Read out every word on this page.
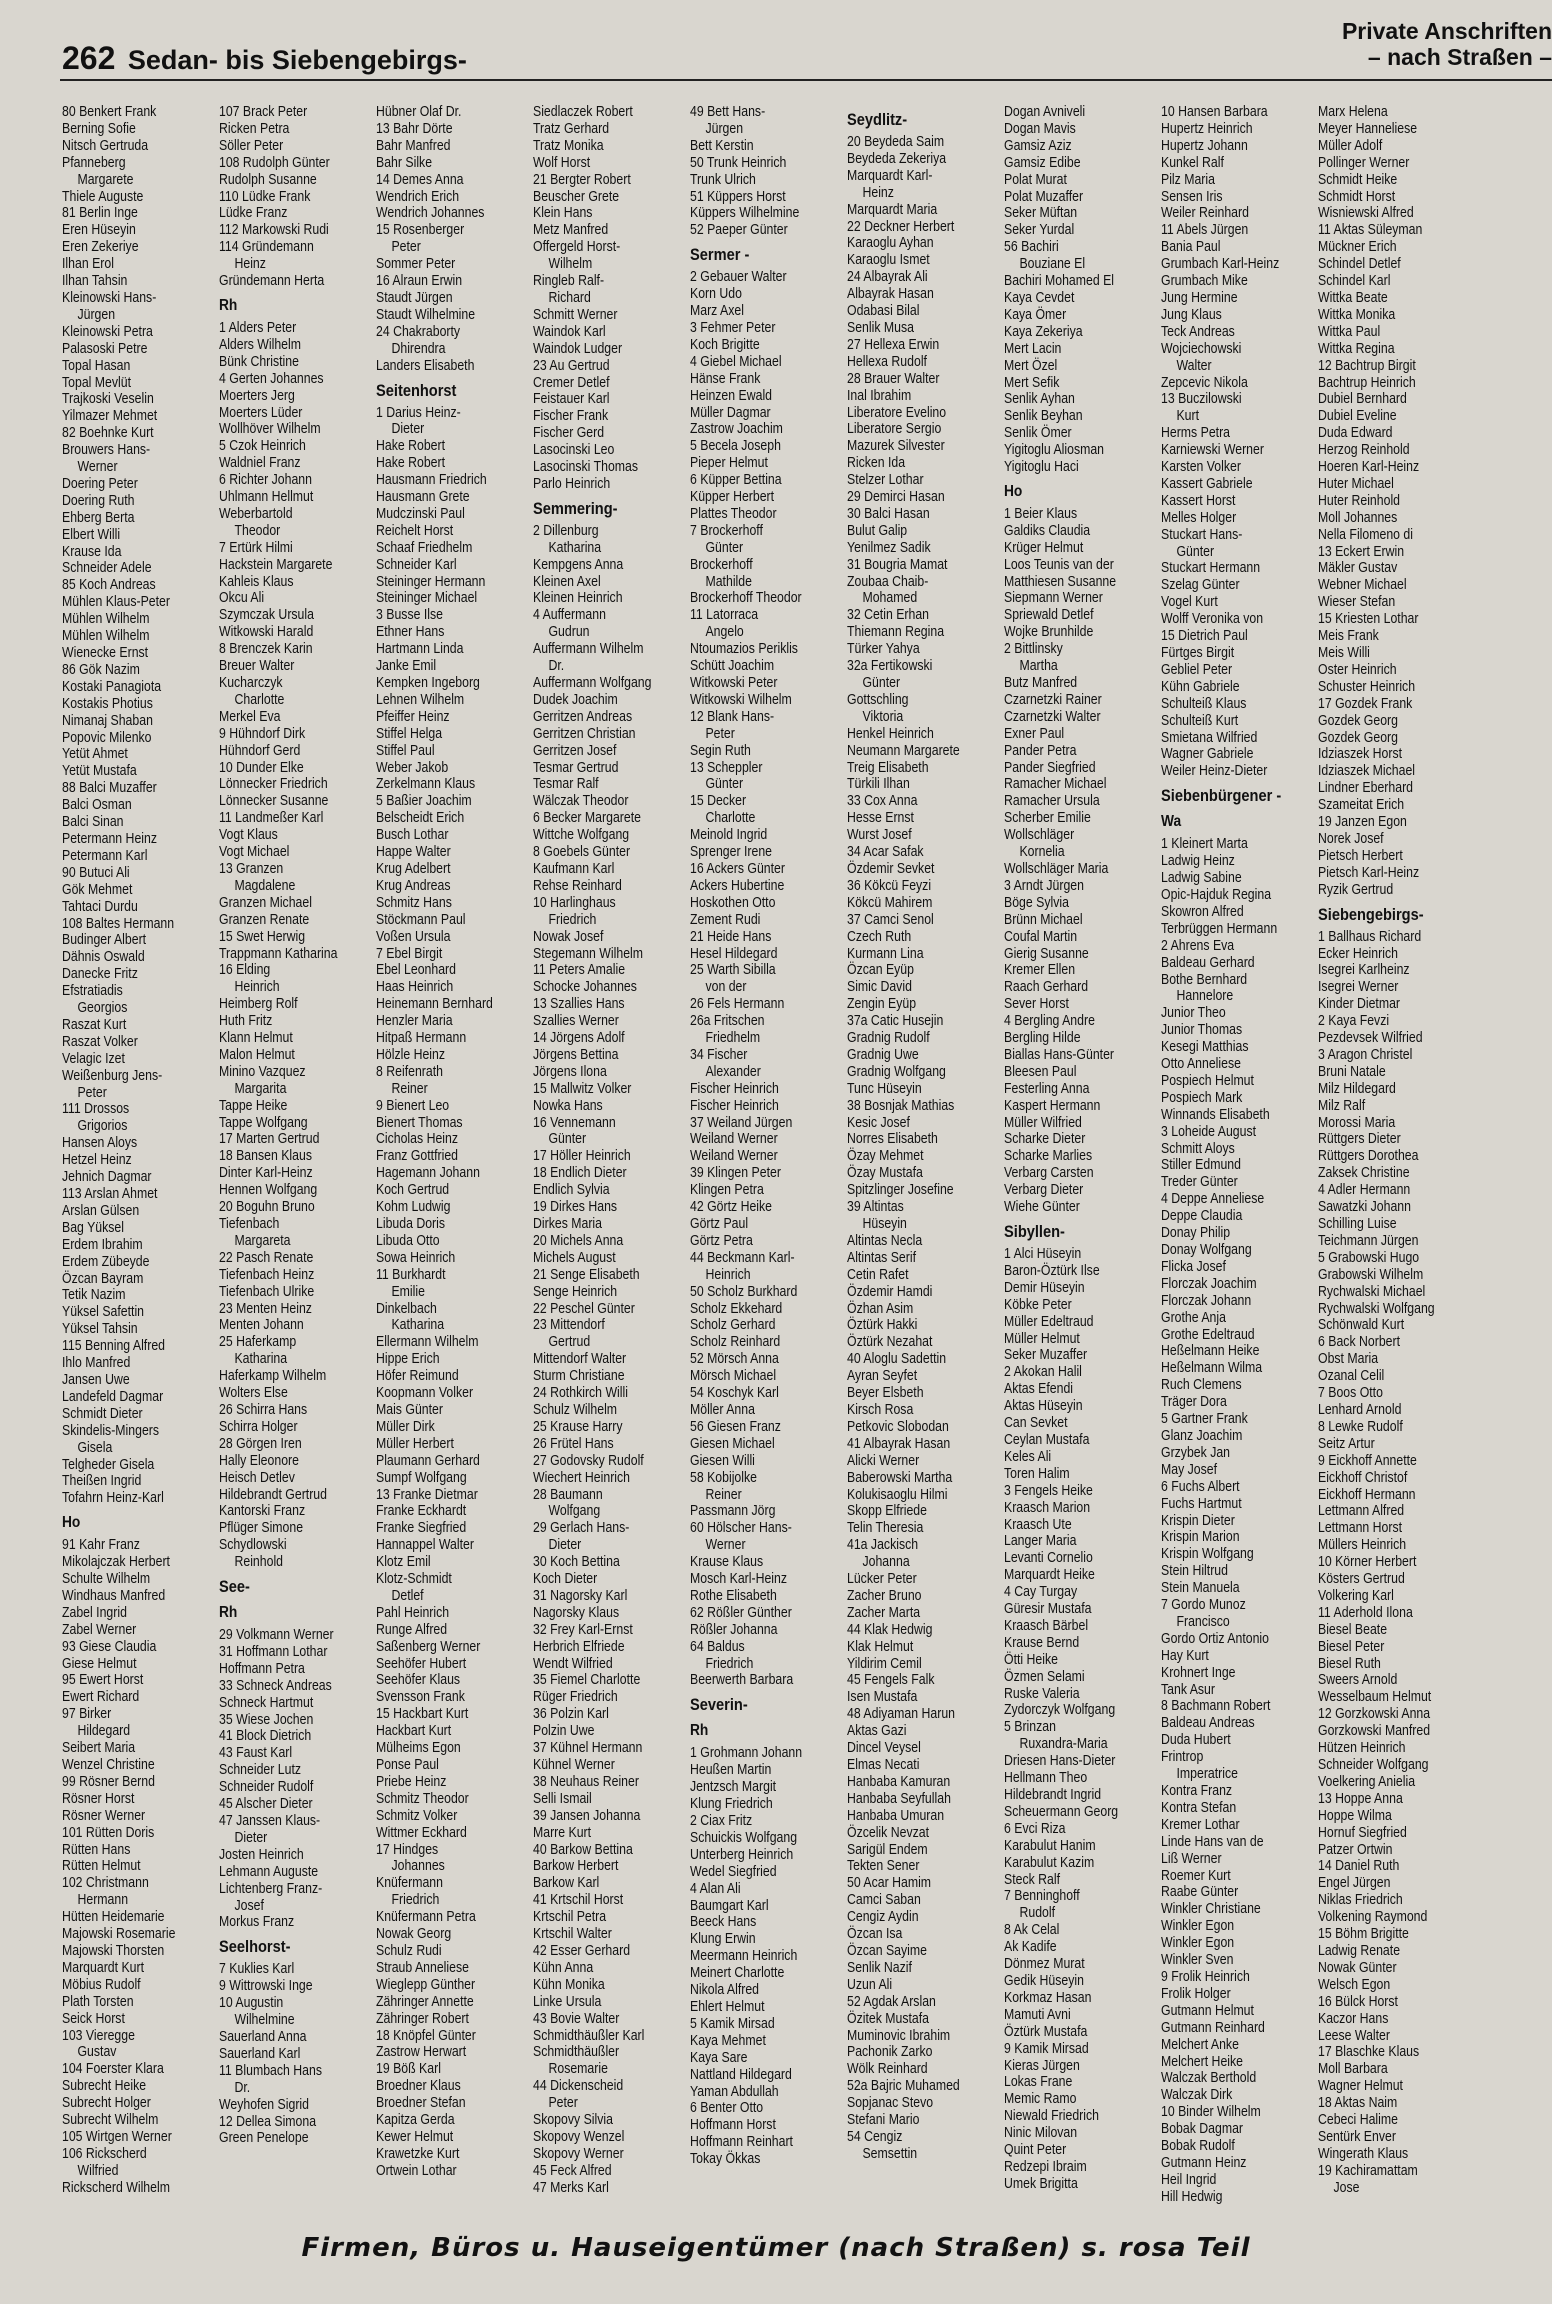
262 Sedan- bis Siebengebirgs-
Private Anschriften
– nach Straßen –
80 Benkert Frank
Berning Sofie
Nitsch Gertruda
Pfanneberg
Margarete
Thiele Auguste
81 Berlin Inge
Eren Hüseyin
Eren Zekeriye
Ilhan Erol
Ilhan Tahsin
Kleinowski Hans-
Jürgen
Kleinowski Petra
Palasoski Petre
Topal Hasan
Topal Mevlüt
Trajkoski Veselin
Yilmazer Mehmet
82 Boehnke Kurt
Brouwers Hans-
Werner
Doering Peter
Doering Ruth
Ehberg Berta
Elbert Willi
Krause Ida
Schneider Adele
85 Koch Andreas
Mühlen Klaus-Peter
Mühlen Wilhelm
Mühlen Wilhelm
Wienecke Ernst
86 Gök Nazim
Kostaki Panagiota
Kostakis Photius
Nimanaj Shaban
Popovic Milenko
Yetüt Ahmet
Yetüt Mustafa
88 Balci Muzaffer
Balci Osman
Balci Sinan
Petermann Heinz
Petermann Karl
90 Butuci Ali
Gök Mehmet
Tahtaci Durdu
108 Baltes Hermann
Budinger Albert
Dähnis Oswald
Danecke Fritz
Efstratiadis
Georgios
Raszat Kurt
Raszat Volker
Velagic Izet
Weißenburg Jens-
Peter
111 Drossos
Grigorios
Hansen Aloys
Hetzel Heinz
Jehnich Dagmar
113 Arslan Ahmet
Arslan Gülsen
Bag Yüksel
Erdem Ibrahim
Erdem Zübeyde
Özcan Bayram
Tetik Nazim
Yüksel Safettin
Yüksel Tahsin
115 Benning Alfred
Ihlo Manfred
Jansen Uwe
Landefeld Dagmar
Schmidt Dieter
Skindelis-Mingers
Gisela
Telgheder Gisela
Theißen Ingrid
Tofahrn Heinz-Karl
Ho
91 Kahr Franz
Mikolajczak Herbert
Schulte Wilhelm
Windhaus Manfred
Zabel Ingrid
Zabel Werner
93 Giese Claudia
Giese Helmut
95 Ewert Horst
Ewert Richard
97 Birker
Hildegard
Seibert Maria
Wenzel Christine
99 Rösner Bernd
Rösner Horst
Rösner Werner
101 Rütten Doris
Rütten Hans
Rütten Helmut
102 Christmann
Hermann
Hütten Heidemarie
Majowski Rosemarie
Majowski Thorsten
Marquardt Kurt
Möbius Rudolf
Plath Torsten
Seick Horst
103 Vieregge
Gustav
104 Foerster Klara
Subrecht Heike
Subrecht Holger
Subrecht Wilhelm
105 Wirtgen Werner
106 Rickscherd
Wilfried
Rickscherd Wilhelm
107 Brack Peter
Ricken Petra
Söller Peter
108 Rudolph Günter
Rudolph Susanne
110 Lüdke Frank
Lüdke Franz
112 Markowski Rudi
114 Gründemann
Heinz
Gründemann Herta
Rh
1 Alders Peter
Alders Wilhelm
Bünk Christine
4 Gerten Johannes
Moerters Jerg
Moerters Lüder
Wollhöver Wilhelm
5 Czok Heinrich
Waldniel Franz
6 Richter Johann
Uhlmann Hellmut
Weberbartold
Theodor
7 Ertürk Hilmi
Hackstein Margarete
Kahleis Klaus
Okcu Ali
Szymczak Ursula
Witkowski Harald
8 Brenczek Karin
Breuer Walter
Kucharczyk
Charlotte
Merkel Eva
9 Hühndorf Dirk
Hühndorf Gerd
10 Dunder Elke
Lönnecker Friedrich
Lönnecker Susanne
11 Landmeßer Karl
Vogt Klaus
Vogt Michael
13 Granzen
Magdalene
Granzen Michael
Granzen Renate
15 Swet Herwig
Trappmann Katharina
16 Elding
Heinrich
Heimberg Rolf
Huth Fritz
Klann Helmut
Malon Helmut
Minino Vazquez
Margarita
Tappe Heike
Tappe Wolfgang
17 Marten Gertrud
18 Bansen Klaus
Dinter Karl-Heinz
Hennen Wolfgang
20 Boguhn Bruno
Tiefenbach
Margareta
22 Pasch Renate
Tiefenbach Heinz
Tiefenbach Ulrike
23 Menten Heinz
Menten Johann
25 Haferkamp
Katharina
Haferkamp Wilhelm
Wolters Else
26 Schirra Hans
Schirra Holger
28 Görgen Iren
Hally Eleonore
Heisch Detlev
Hildebrandt Gertrud
Kantorski Franz
Pflüger Simone
Schydlowski
Reinhold
See-
Rh
29 Volkmann Werner
31 Hoffmann Lothar
Hoffmann Petra
33 Schneck Andreas
Schneck Hartmut
35 Wiese Jochen
41 Block Dietrich
43 Faust Karl
Schneider Lutz
Schneider Rudolf
45 Alscher Dieter
47 Janssen Klaus-
Dieter
Josten Heinrich
Lehmann Auguste
Lichtenberg Franz-
Josef
Morkus Franz
Seelhorst-
7 Kuklies Karl
9 Wittrowski Inge
10 Augustin
Wilhelmine
Sauerland Anna
Sauerland Karl
11 Blumbach Hans
Dr.
Weyhofen Sigrid
12 Dellea Simona
Green Penelope
Hübner Olaf Dr.
13 Bahr Dörte
Bahr Manfred
Bahr Silke
14 Demes Anna
Wendrich Erich
Wendrich Johannes
15 Rosenberger
Peter
Sommer Peter
16 Alraun Erwin
Staudt Jürgen
Staudt Wilhelmine
24 Chakraborty
Dhirendra
Landers Elisabeth
Seitenhorst
1 Darius Heinz-
Dieter
Hake Robert
Hake Robert
Hausmann Friedrich
Hausmann Grete
Mudczinski Paul
Reichelt Horst
Schaaf Friedhelm
Schneider Karl
Steininger Hermann
Steininger Michael
3 Busse Ilse
Ethner Hans
Hartmann Linda
Janke Emil
Kempken Ingeborg
Lehnen Wilhelm
Pfeiffer Heinz
Stiffel Helga
Stiffel Paul
Weber Jakob
Zerkelmann Klaus
5 Baßier Joachim
Belscheidt Erich
Busch Lothar
Happe Walter
Krug Adelbert
Krug Andreas
Schmitz Hans
Stöckmann Paul
Voßen Ursula
7 Ebel Birgit
Ebel Leonhard
Haas Heinrich
Heinemann Bernhard
Henzler Maria
Hitpaß Hermann
Hölzle Heinz
8 Reifenrath
Reiner
9 Bienert Leo
Bienert Thomas
Cicholas Heinz
Franz Gottfried
Hagemann Johann
Koch Gertrud
Kohm Ludwig
Libuda Doris
Libuda Otto
Sowa Heinrich
11 Burkhardt
Emilie
Dinkelbach
Katharina
Ellermann Wilhelm
Hippe Erich
Höfer Reimund
Koopmann Volker
Mais Günter
Müller Dirk
Müller Herbert
Plaumann Gerhard
Sumpf Wolfgang
13 Franke Dietmar
Franke Eckhardt
Franke Siegfried
Hannappel Walter
Klotz Emil
Klotz-Schmidt
Detlef
Pahl Heinrich
Runge Alfred
Saßenberg Werner
Seehöfer Hubert
Seehöfer Klaus
Svensson Frank
15 Hackbart Kurt
Hackbart Kurt
Mülheims Egon
Ponse Paul
Priebe Heinz
Schmitz Theodor
Schmitz Volker
Wittmer Eckhard
17 Hindges
Johannes
Knüfermann
Friedrich
Knüfermann Petra
Nowak Georg
Schulz Rudi
Straub Anneliese
Wieglepp Günther
Zähringer Annette
Zähringer Robert
18 Knöpfel Günter
Zastrow Herwart
19 Böß Karl
Broedner Klaus
Broedner Stefan
Kapitza Gerda
Kewer Helmut
Krawetzke Kurt
Ortwein Lothar
Siedlaczek Robert
Tratz Gerhard
Tratz Monika
Wolf Horst
21 Bergter Robert
Beuscher Grete
Klein Hans
Metz Manfred
Offergeld Horst-
Wilhelm
Ringleb Ralf-
Richard
Schmitt Werner
Waindok Karl
Waindok Ludger
23 Au Gertrud
Cremer Detlef
Feistauer Karl
Fischer Frank
Fischer Gerd
Lasocinski Leo
Lasocinski Thomas
Parlo Heinrich
Semmering-
2 Dillenburg
Katharina
Kempgens Anna
Kleinen Axel
Kleinen Heinrich
4 Auffermann
Gudrun
Auffermann Wilhelm
Dr.
Auffermann Wolfgang
Dudek Joachim
Gerritzen Andreas
Gerritzen Christian
Gerritzen Josef
Tesmar Gertrud
Tesmar Ralf
Wälczak Theodor
6 Becker Margarete
Wittche Wolfgang
8 Goebels Günter
Kaufmann Karl
Rehse Reinhard
10 Harlinghaus
Friedrich
Nowak Josef
Stegemann Wilhelm
11 Peters Amalie
Schocke Johannes
13 Szallies Hans
Szallies Werner
14 Jörgens Adolf
Jörgens Bettina
Jörgens Ilona
15 Mallwitz Volker
Nowka Hans
16 Vennemann
Günter
17 Höller Heinrich
18 Endlich Dieter
Endlich Sylvia
19 Dirkes Hans
Dirkes Maria
20 Michels Anna
Michels August
21 Senge Elisabeth
Senge Heinrich
22 Peschel Günter
23 Mittendorf
Gertrud
Mittendorf Walter
Sturm Christiane
24 Rothkirch Willi
Schulz Wilhelm
25 Krause Harry
26 Frütel Hans
27 Godovsky Rudolf
Wiechert Heinrich
28 Baumann
Wolfgang
29 Gerlach Hans-
Dieter
30 Koch Bettina
Koch Dieter
31 Nagorsky Karl
Nagorsky Klaus
32 Frey Karl-Ernst
Herbrich Elfriede
Wendt Wilfried
35 Fiemel Charlotte
Rüger Friedrich
36 Polzin Karl
Polzin Uwe
37 Kühnel Hermann
Kühnel Werner
38 Neuhaus Reiner
Selli Ismail
39 Jansen Johanna
Marre Kurt
40 Barkow Bettina
Barkow Herbert
Barkow Karl
41 Krtschil Horst
Krtschil Petra
Krtschil Walter
42 Esser Gerhard
Kühn Anna
Kühn Monika
Linke Ursula
43 Bovie Walter
Schmidthäußler Karl
Schmidthäußler
Rosemarie
44 Dickenscheid
Peter
Skopovy Silvia
Skopovy Wenzel
Skopovy Werner
45 Feck Alfred
47 Merks Karl
49 Bett Hans-
Jürgen
Bett Kerstin
50 Trunk Heinrich
Trunk Ulrich
51 Küppers Horst
Küppers Wilhelmine
52 Paeper Günter
Sermer -
2 Gebauer Walter
Korn Udo
Marz Axel
3 Fehmer Peter
Koch Brigitte
4 Giebel Michael
Hänse Frank
Heinzen Ewald
Müller Dagmar
Zastrow Joachim
5 Becela Joseph
Pieper Helmut
6 Küpper Bettina
Küpper Herbert
Plattes Theodor
7 Brockerhoff
Günter
Brockerhoff
Mathilde
Brockerhoff Theodor
11 Latorraca
Angelo
Ntoumazios Periklis
Schütt Joachim
Witkowski Peter
Witkowski Wilhelm
12 Blank Hans-
Peter
Segin Ruth
13 Scheppler
Günter
15 Decker
Charlotte
Meinold Ingrid
Sprenger Irene
16 Ackers Günter
Ackers Hubertine
Hoskothen Otto
Zement Rudi
21 Heide Hans
Hesel Hildegard
25 Warth Sibilla
von der
26 Fels Hermann
26a Fritschen
Friedhelm
34 Fischer
Alexander
Fischer Heinrich
Fischer Heinrich
37 Weiland Jürgen
Weiland Werner
Weiland Werner
39 Klingen Peter
Klingen Petra
42 Görtz Heike
Görtz Paul
Görtz Petra
44 Beckmann Karl-
Heinrich
50 Scholz Burkhard
Scholz Ekkehard
Scholz Gerhard
Scholz Reinhard
52 Mörsch Anna
Mörsch Michael
54 Koschyk Karl
Möller Anna
56 Giesen Franz
Giesen Michael
Giesen Willi
58 Kobijolke
Reiner
Passmann Jörg
60 Hölscher Hans-
Werner
Krause Klaus
Mosch Karl-Heinz
Rothe Elisabeth
62 Rößler Günther
Rößler Johanna
64 Baldus
Friedrich
Beerwerth Barbara
Severin-
Rh
1 Grohmann Johann
Heußen Martin
Jentzsch Margit
Klung Friedrich
2 Ciax Fritz
Schuickis Wolfgang
Unterberg Heinrich
Wedel Siegfried
4 Alan Ali
Baumgart Karl
Beeck Hans
Klung Erwin
Meermann Heinrich
Meinert Charlotte
Nikola Alfred
Ehlert Helmut
5 Kamik Mirsad
Kaya Mehmet
Kaya Sare
Nattland Hildegard
Yaman Abdullah
6 Benter Otto
Hoffmann Horst
Hoffmann Reinhart
Tokay Ökkas
Seydlitz-
20 Beydeda Saim
Beydeda Zekeriya
Marquardt Karl-
Heinz
Marquardt Maria
22 Deckner Herbert
Karaoglu Ayhan
Karaoglu Ismet
24 Albayrak Ali
Albayrak Hasan
Odabasi Bilal
Senlik Musa
27 Hellexa Erwin
Hellexa Rudolf
28 Brauer Walter
Inal Ibrahim
Liberatore Evelino
Liberatore Sergio
Mazurek Silvester
Ricken Ida
Stelzer Lothar
29 Demirci Hasan
30 Balci Hasan
Bulut Galip
Yenilmez Sadik
31 Bougria Mamat
Zoubaa Chaib-
Mohamed
32 Cetin Erhan
Thiemann Regina
Türker Yahya
32a Fertikowski
Günter
Gottschling
Viktoria
Henkel Heinrich
Neumann Margarete
Treig Elisabeth
Türkili Ilhan
33 Cox Anna
Hesse Ernst
Wurst Josef
34 Acar Safak
Özdemir Sevket
36 Kökcü Feyzi
Kökcü Mahirem
37 Camci Senol
Czech Ruth
Kurmann Lina
Özcan Eyüp
Simic David
Zengin Eyüp
37a Catic Husejin
Gradnig Rudolf
Gradnig Uwe
Gradnig Wolfgang
Tunc Hüseyin
38 Bosnjak Mathias
Kesic Josef
Norres Elisabeth
Özay Mehmet
Özay Mustafa
Spitzlinger Josefine
39 Altintas
Hüseyin
Altintas Necla
Altintas Serif
Cetin Rafet
Özdemir Hamdi
Özhan Asim
Öztürk Hakki
Öztürk Nezahat
40 Aloglu Sadettin
Ayran Seyfet
Beyer Elsbeth
Kirsch Rosa
Petkovic Slobodan
41 Albayrak Hasan
Alicki Werner
Baberowski Martha
Kolukisaoglu Hilmi
Skopp Elfriede
Telin Theresia
41a Jackisch
Johanna
Lücker Peter
Zacher Bruno
Zacher Marta
44 Klak Hedwig
Klak Helmut
Yildirim Cemil
45 Fengels Falk
Isen Mustafa
48 Adiyaman Harun
Aktas Gazi
Dincel Veysel
Elmas Necati
Hanbaba Kamuran
Hanbaba Seyfullah
Hanbaba Umuran
Özcelik Nevzat
Sarigül Endem
Tekten Sener
50 Acar Hamim
Camci Saban
Cengiz Aydin
Özcan Isa
Özcan Sayime
Senlik Nazif
Uzun Ali
52 Agdak Arslan
Özitek Mustafa
Muminovic Ibrahim
Pachonik Zarko
Wölk Reinhard
52a Bajric Muhamed
Sopjanac Stevo
Stefani Mario
54 Cengiz
Semsettin
Dogan Avniveli
Dogan Mavis
Gamsiz Aziz
Gamsiz Edibe
Polat Murat
Polat Muzaffer
Seker Müftan
Seker Yurdal
56 Bachiri
Bouziane El
Bachiri Mohamed El
Kaya Cevdet
Kaya Ömer
Kaya Zekeriya
Mert Lacin
Mert Özel
Mert Sefik
Senlik Ayhan
Senlik Beyhan
Senlik Ömer
Yigitoglu Aliosman
Yigitoglu Haci
Ho
1 Beier Klaus
Galdiks Claudia
Krüger Helmut
Loos Teunis van der
Matthiesen Susanne
Siepmann Werner
Spriewald Detlef
Wojke Brunhilde
2 Bittlinsky
Martha
Butz Manfred
Czarnetzki Rainer
Czarnetzki Walter
Exner Paul
Pander Petra
Pander Siegfried
Ramacher Michael
Ramacher Ursula
Scherber Emilie
Wollschläger
Kornelia
Wollschläger Maria
3 Arndt Jürgen
Böge Sylvia
Brünn Michael
Coufal Martin
Gierig Susanne
Kremer Ellen
Raach Gerhard
Sever Horst
4 Bergling Andre
Bergling Hilde
Biallas Hans-Günter
Bleesen Paul
Festerling Anna
Kaspert Hermann
Müller Wilfried
Scharke Dieter
Scharke Marlies
Verbarg Carsten
Verbarg Dieter
Wiehe Günter
Sibyllen-
1 Alci Hüseyin
Baron-Öztürk Ilse
Demir Hüseyin
Köbke Peter
Müller Edeltraud
Müller Helmut
Seker Muzaffer
2 Akokan Halil
Aktas Efendi
Aktas Hüseyin
Can Sevket
Ceylan Mustafa
Keles Ali
Toren Halim
3 Fengels Heike
Kraasch Marion
Kraasch Ute
Langer Maria
Levanti Cornelio
Marquardt Heike
4 Cay Turgay
Güresir Mustafa
Kraasch Bärbel
Krause Bernd
Ötti Heike
Özmen Selami
Ruske Valeria
Zydorczyk Wolfgang
5 Brinzan
Ruxandra-Maria
Driesen Hans-Dieter
Hellmann Theo
Hildebrandt Ingrid
Scheuermann Georg
6 Evci Riza
Karabulut Hanim
Karabulut Kazim
Steck Ralf
7 Benninghoff
Rudolf
8 Ak Celal
Ak Kadife
Dönmez Murat
Gedik Hüseyin
Korkmaz Hasan
Mamuti Avni
Öztürk Mustafa
9 Kamik Mirsad
Kieras Jürgen
Lokas Frane
Memic Ramo
Niewald Friedrich
Ninic Milovan
Quint Peter
Redzepi Ibraim
Umek Brigitta
10 Hansen Barbara
Hupertz Heinrich
Hupertz Johann
Kunkel Ralf
Pilz Maria
Sensen Iris
Weiler Reinhard
11 Abels Jürgen
Bania Paul
Grumbach Karl-Heinz
Grumbach Mike
Jung Hermine
Jung Klaus
Teck Andreas
Wojciechowski
Walter
Zepcevic Nikola
13 Buczilowski
Kurt
Herms Petra
Karniewski Werner
Karsten Volker
Kassert Gabriele
Kassert Horst
Melles Holger
Stuckart Hans-
Günter
Stuckart Hermann
Szelag Günter
Vogel Kurt
Wolff Veronika von
15 Dietrich Paul
Fürtges Birgit
Gebliel Peter
Kühn Gabriele
Schulteiß Klaus
Schulteiß Kurt
Smietana Wilfried
Wagner Gabriele
Weiler Heinz-Dieter
Siebenbürgener -
Wa
1 Kleinert Marta
Ladwig Heinz
Ladwig Sabine
Opic-Hajduk Regina
Skowron Alfred
Terbrüggen Hermann
2 Ahrens Eva
Baldeau Gerhard
Bothe Bernhard
Hannelore
Junior Theo
Junior Thomas
Kesegi Matthias
Otto Anneliese
Pospiech Helmut
Pospiech Mark
Winnands Elisabeth
3 Loheide August
Schmitt Aloys
Stiller Edmund
Treder Günter
4 Deppe Anneliese
Deppe Claudia
Donay Philip
Donay Wolfgang
Flicka Josef
Florczak Joachim
Florczak Johann
Grothe Anja
Grothe Edeltraud
Heßelmann Heike
Heßelmann Wilma
Ruch Clemens
Träger Dora
5 Gartner Frank
Glanz Joachim
Grzybek Jan
May Josef
6 Fuchs Albert
Fuchs Hartmut
Krispin Dieter
Krispin Marion
Krispin Wolfgang
Stein Hiltrud
Stein Manuela
7 Gordo Munoz
Francisco
Gordo Ortiz Antonio
Hay Kurt
Krohnert Inge
Tank Asur
8 Bachmann Robert
Baldeau Andreas
Duda Hubert
Frintrop
Imperatrice
Kontra Franz
Kontra Stefan
Kremer Lothar
Linde Hans van de
Liß Werner
Roemer Kurt
Raabe Günter
Winkler Christiane
Winkler Egon
Winkler Egon
Winkler Sven
9 Frolik Heinrich
Frolik Holger
Gutmann Helmut
Gutmann Reinhard
Melchert Anke
Melchert Heike
Walczak Berthold
Walczak Dirk
10 Binder Wilhelm
Bobak Dagmar
Bobak Rudolf
Gutmann Heinz
Heil Ingrid
Hill Hedwig
Marx Helena
Meyer Hanneliese
Müller Adolf
Pollinger Werner
Schmidt Heike
Schmidt Horst
Wisniewski Alfred
11 Aktas Süleyman
Mückner Erich
Schindel Detlef
Schindel Karl
Wittka Beate
Wittka Monika
Wittka Paul
Wittka Regina
12 Bachtrup Birgit
Bachtrup Heinrich
Dubiel Bernhard
Dubiel Eveline
Duda Edward
Herzog Reinhold
Hoeren Karl-Heinz
Huter Michael
Huter Reinhold
Moll Johannes
Nella Filomeno di
13 Eckert Erwin
Mäkler Gustav
Webner Michael
Wieser Stefan
15 Kriesten Lothar
Meis Frank
Meis Willi
Oster Heinrich
Schuster Heinrich
17 Gozdek Frank
Gozdek Georg
Gozdek Georg
Idziaszek Horst
Idziaszek Michael
Lindner Eberhard
Szameitat Erich
19 Janzen Egon
Norek Josef
Pietsch Herbert
Pietsch Karl-Heinz
Ryzik Gertrud
Siebengebirgs-
1 Ballhaus Richard
Ecker Heinrich
Isegrei Karlheinz
Isegrei Werner
Kinder Dietmar
2 Kaya Fevzi
Pezdevsek Wilfried
3 Aragon Christel
Bruni Natale
Milz Hildegard
Milz Ralf
Morossi Maria
Rüttgers Dieter
Rüttgers Dorothea
Zaksek Christine
4 Adler Hermann
Sawatzki Johann
Schilling Luise
Teichmann Jürgen
5 Grabowski Hugo
Grabowski Wilhelm
Rychwalski Michael
Rychwalski Wolfgang
Schönwald Kurt
6 Back Norbert
Obst Maria
Ozanal Celil
7 Boos Otto
Lenhard Arnold
8 Lewke Rudolf
Seitz Artur
9 Eickhoff Annette
Eickhoff Christof
Eickhoff Hermann
Lettmann Alfred
Lettmann Horst
Müllers Heinrich
10 Körner Herbert
Kösters Gertrud
Volkering Karl
11 Aderhold Ilona
Biesel Beate
Biesel Peter
Biesel Ruth
Sweers Arnold
Wesselbaum Helmut
12 Gorzkowski Anna
Gorzkowski Manfred
Hützen Heinrich
Schneider Wolfgang
Voelkering Anielia
13 Hoppe Anna
Hoppe Wilma
Hornuf Siegfried
Patzer Ortwin
14 Daniel Ruth
Engel Jürgen
Niklas Friedrich
Volkening Raymond
15 Böhm Brigitte
Ladwig Renate
Nowak Günter
Welsch Egon
16 Bülck Horst
Kaczor Hans
Leese Walter
17 Blaschke Klaus
Moll Barbara
Wagner Helmut
18 Aktas Naim
Cebeci Halime
Sentürk Enver
Wingerath Klaus
19 Kachiramattam
Jose
Firmen, Büros u. Hauseigentümer (nach Straßen) s. rosa Teil
